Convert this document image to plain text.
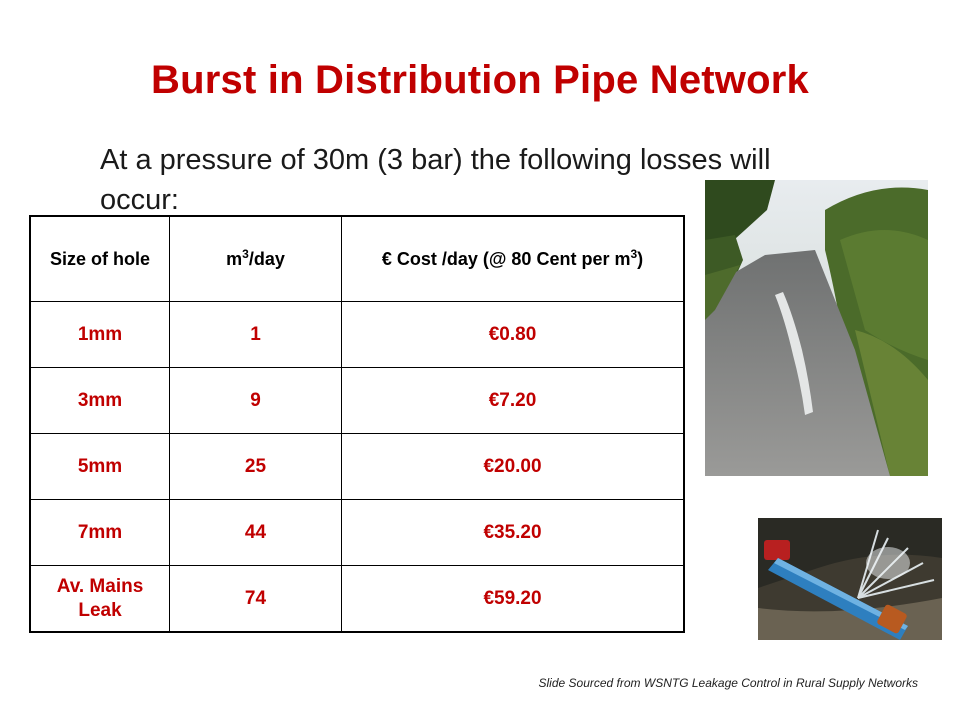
Burst in Distribution Pipe Network
At a pressure of 30m (3 bar) the following losses will occur:
Size of hole	$m^3$/day	€ Cost /day (@ 80 Cent per $m^3$)
1mm	1	€0.80
3mm	9	€7.20
5mm	25	€20.00
7mm	44	€35.20
Av. Mains Leak	74	€59.20
Slide Sourced from WSNTG Leakage Control in Rural Supply Networks
